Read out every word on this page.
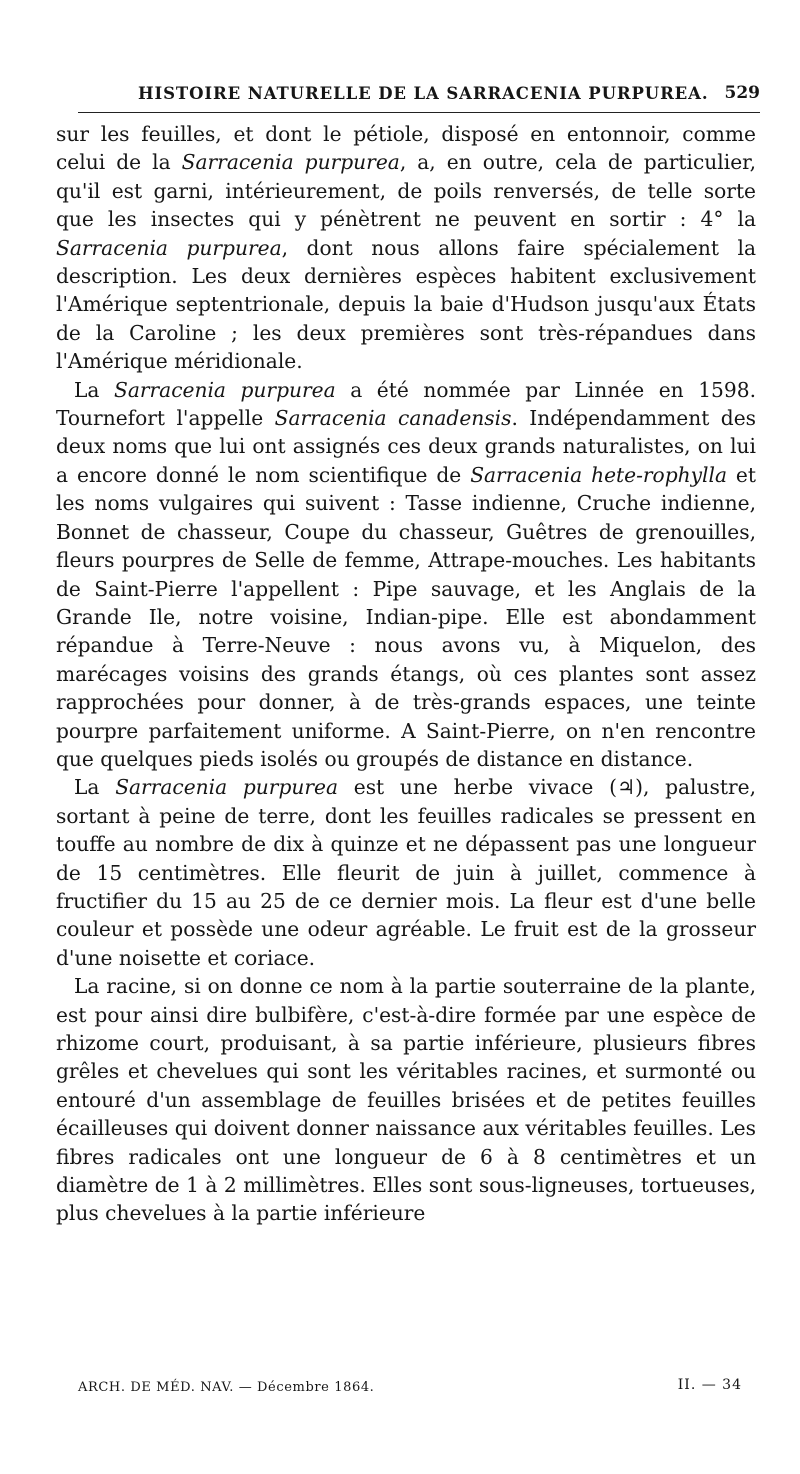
HISTOIRE NATURELLE DE LA SARRACENIA PURPUREA. 529

sur les feuilles, et dont le pétiole, disposé en entonnoir, comme celui de la Sarracenia purpurea, a, en outre, cela de particulier, qu'il est garni, intérieurement, de poils renversés, de telle sorte que les insectes qui y pénètrent ne peuvent en sortir : 4° la Sarracenia purpurea, dont nous allons faire spécialement la description. Les deux dernières espèces habitent exclusivement l'Amérique septentrionale, depuis la baie d'Hudson jusqu'aux États de la Caroline ; les deux premières sont très-répandues dans l'Amérique méridionale.

La Sarracenia purpurea a été nommée par Linnée en 1598. Tournefort l'appelle Sarracenia canadensis. Indépendamment des deux noms que lui ont assignés ces deux grands naturalistes, on lui a encore donné le nom scientifique de Sarracenia hete-rophylla et les noms vulgaires qui suivent : Tasse indienne, Cruche indienne, Bonnet de chasseur, Coupe du chasseur, Guêtres de grenouilles, fleurs pourpres de Selle de femme, Attrape-mouches. Les habitants de Saint-Pierre l'appellent : Pipe sauvage, et les Anglais de la Grande Ile, notre voisine, Indian-pipe. Elle est abondamment répandue à Terre-Neuve : nous avons vu, à Miquelon, des marécages voisins des grands étangs, où ces plantes sont assez rapprochées pour donner, à de très-grands espaces, une teinte pourpre parfaitement uniforme. A Saint-Pierre, on n'en rencontre que quelques pieds isolés ou groupés de distance en distance.

La Sarracenia purpurea est une herbe vivace (♃), palustre, sortant à peine de terre, dont les feuilles radicales se pressent en touffe au nombre de dix à quinze et ne dépassent pas une longueur de 15 centimètres. Elle fleurit de juin à juillet, commence à fructifier du 15 au 25 de ce dernier mois. La fleur est d'une belle couleur et possède une odeur agréable. Le fruit est de la grosseur d'une noisette et coriace.

La racine, si on donne ce nom à la partie souterraine de la plante, est pour ainsi dire bulbifère, c'est-à-dire formée par une espèce de rhizome court, produisant, à sa partie inférieure, plusieurs fibres grêles et chevelues qui sont les véritables racines, et surmonté ou entouré d'un assemblage de feuilles brisées et de petites feuilles écailleuses qui doivent donner naissance aux véritables feuilles. Les fibres radicales ont une longueur de 6 à 8 centimètres et un diamètre de 1 à 2 millimètres. Elles sont sous-ligneuses, tortueuses, plus chevelues à la partie inférieure

ARCH. DE MÉD. NAV. — Décembre 1864.	II. — 34
